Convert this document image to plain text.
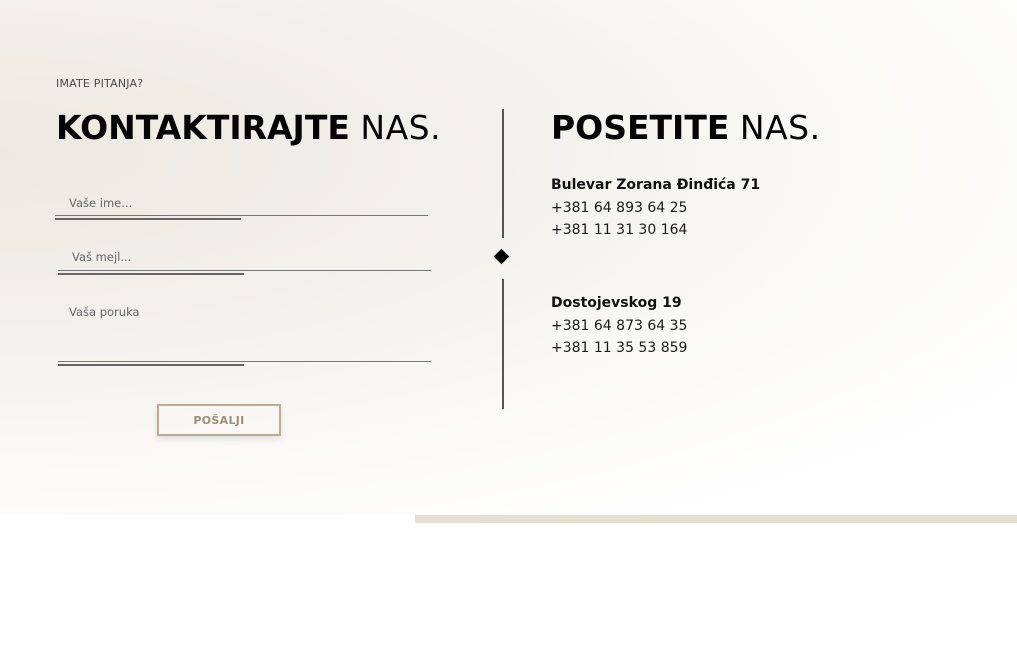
IMATE PITANJA?
KONTAKTIRAJTE NAS.
Vaše ime...
Vaš mejl...
Vaša poruka
POŠALJI
POSETITE NAS.
Bulevar Zorana Đinđića 71
+381 64 893 64 25
+381 11 31 30 164
Dostojevskog 19
+381 64 873 64 35
+381 11 35 53 859
